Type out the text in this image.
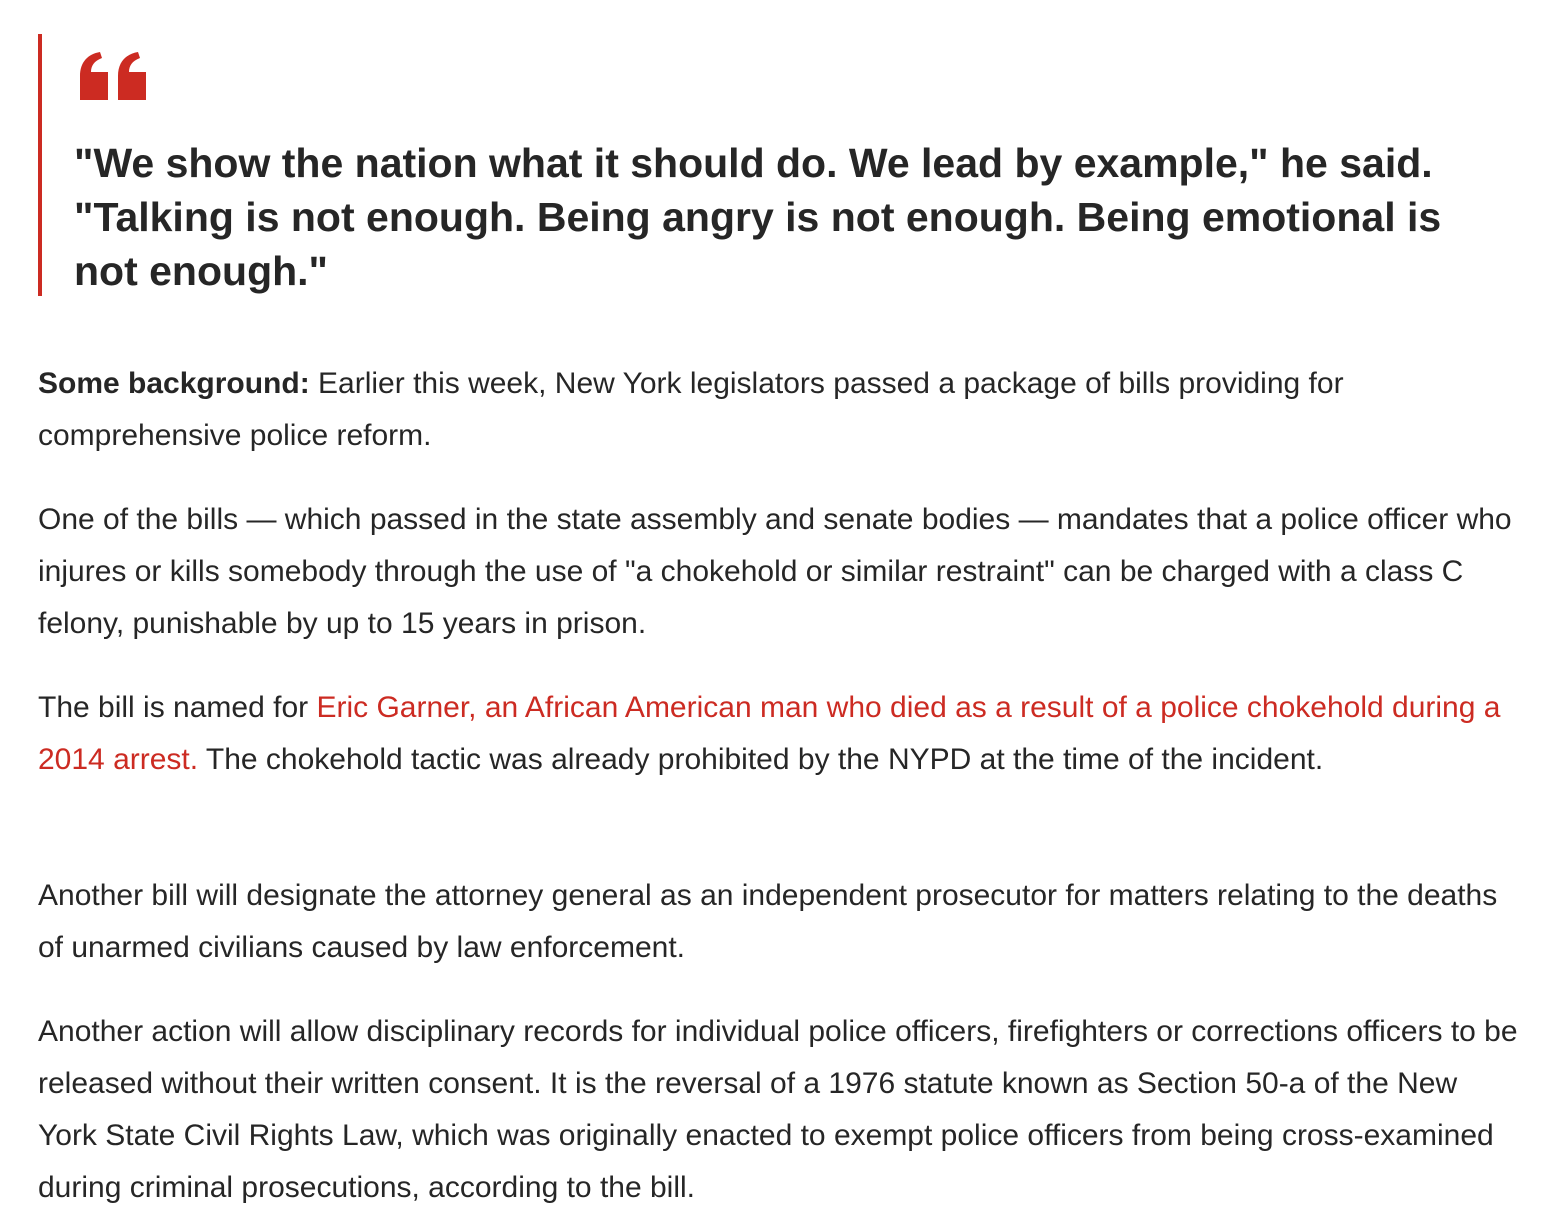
"We show the nation what it should do. We lead by example," he said. "Talking is not enough. Being angry is not enough. Being emotional is not enough."

Some background: Earlier this week, New York legislators passed a package of bills providing for comprehensive police reform.

One of the bills — which passed in the state assembly and senate bodies — mandates that a police officer who injures or kills somebody through the use of "a chokehold or similar restraint" can be charged with a class C felony, punishable by up to 15 years in prison.

The bill is named for Eric Garner, an African American man who died as a result of a police chokehold during a 2014 arrest. The chokehold tactic was already prohibited by the NYPD at the time of the incident.

Another bill will designate the attorney general as an independent prosecutor for matters relating to the deaths of unarmed civilians caused by law enforcement.

Another action will allow disciplinary records for individual police officers, firefighters or corrections officers to be released without their written consent. It is the reversal of a 1976 statute known as Section 50-a of the New York State Civil Rights Law, which was originally enacted to exempt police officers from being cross-examined during criminal prosecutions, according to the bill.
